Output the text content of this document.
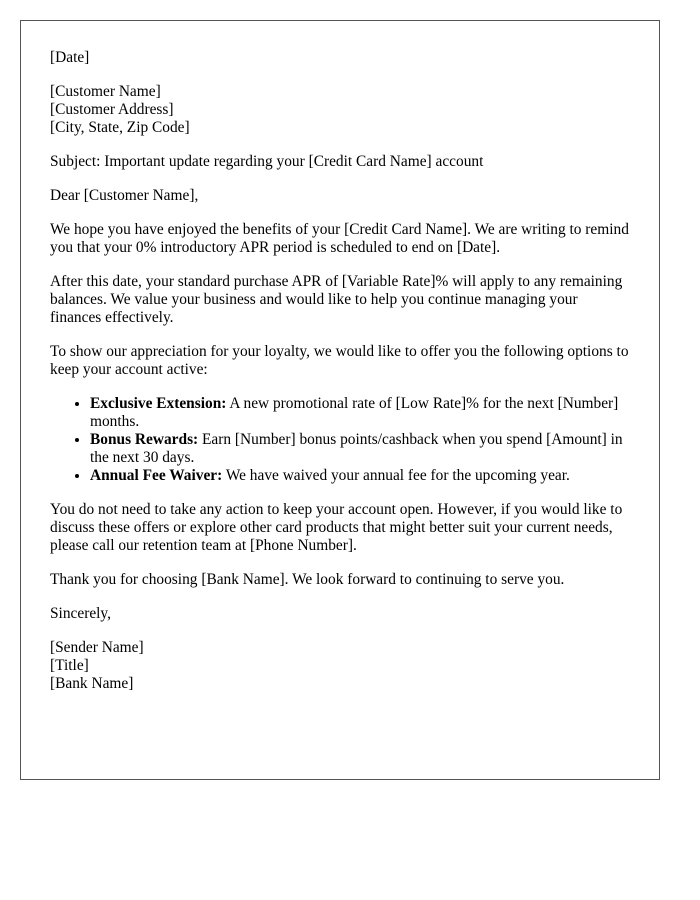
[Date]

[Customer Name]
[Customer Address]
[City, State, Zip Code]

Subject: Important update regarding your [Credit Card Name] account

Dear [Customer Name],

We hope you have enjoyed the benefits of your [Credit Card Name]. We are writing to remind you that your 0% introductory APR period is scheduled to end on [Date].

After this date, your standard purchase APR of [Variable Rate]% will apply to any remaining balances. We value your business and would like to help you continue managing your finances effectively.

To show our appreciation for your loyalty, we would like to offer you the following options to keep your account active:

• Exclusive Extension: A new promotional rate of [Low Rate]% for the next [Number] months.
• Bonus Rewards: Earn [Number] bonus points/cashback when you spend [Amount] in the next 30 days.
• Annual Fee Waiver: We have waived your annual fee for the upcoming year.

You do not need to take any action to keep your account open. However, if you would like to discuss these offers or explore other card products that might better suit your current needs, please call our retention team at [Phone Number].

Thank you for choosing [Bank Name]. We look forward to continuing to serve you.

Sincerely,

[Sender Name]
[Title]
[Bank Name]
